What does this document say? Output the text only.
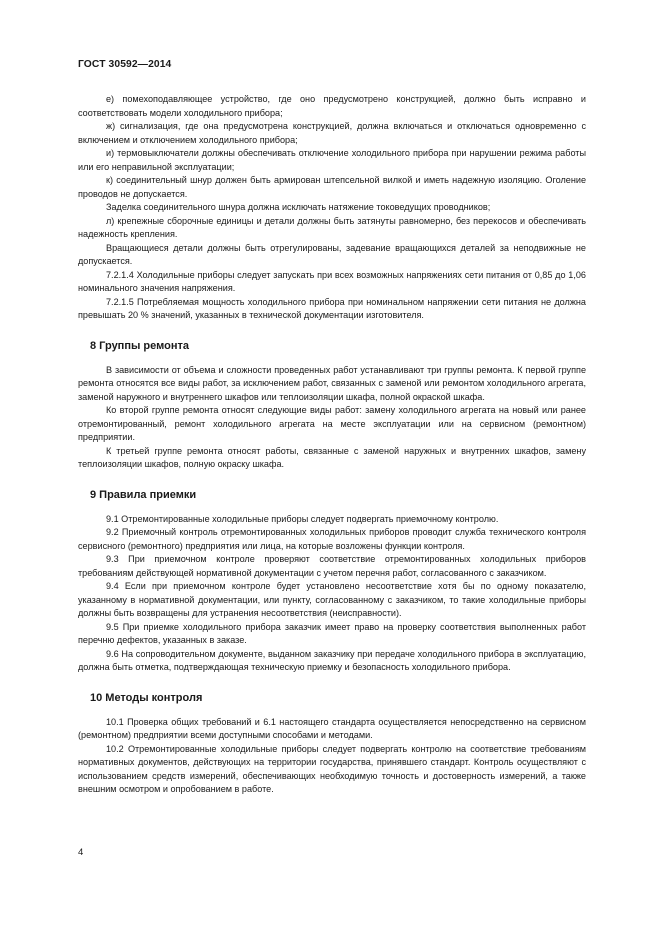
ГОСТ 30592—2014

е) помехоподавляющее устройство, где оно предусмотрено конструкцией, должно быть исправно и соответствовать модели холодильного прибора;

ж) сигнализация, где она предусмотрена конструкцией, должна включаться и отключаться одновременно с включением и отключением холодильного прибора;

и) термовыключатели должны обеспечивать отключение холодильного прибора при нарушении режима работы или его неправильной эксплуатации;

к) соединительный шнур должен быть армирован штепсельной вилкой и иметь надежную изоляцию. Оголение проводов не допускается.

Заделка соединительного шнура должна исключать натяжение токоведущих проводников;

л) крепежные сборочные единицы и детали должны быть затянуты равномерно, без перекосов и обеспечивать надежность крепления.

Вращающиеся детали должны быть отрегулированы, задевание вращающихся деталей за неподвижные не допускается.

7.2.1.4 Холодильные приборы следует запускать при всех возможных напряжениях сети питания от 0,85 до 1,06 номинального значения напряжения.

7.2.1.5 Потребляемая мощность холодильного прибора при номинальном напряжении сети питания не должна превышать 20 % значений, указанных в технической документации изготовителя.

8 Группы ремонта

В зависимости от объема и сложности проведенных работ устанавливают три группы ремонта. К первой группе ремонта относятся все виды работ, за исключением работ, связанных с заменой или ремонтом холодильного агрегата, заменой наружного и внутреннего шкафов или теплоизоляции шкафа, полной окраской шкафа.

Ко второй группе ремонта относят следующие виды работ: замену холодильного агрегата на новый или ранее отремонтированный, ремонт холодильного агрегата на месте эксплуатации или на сервисном (ремонтном) предприятии.

К третьей группе ремонта относят работы, связанные с заменой наружных и внутренних шкафов, замену теплоизоляции шкафов, полную окраску шкафа.

9 Правила приемки

9.1 Отремонтированные холодильные приборы следует подвергать приемочному контролю.

9.2 Приемочный контроль отремонтированных холодильных приборов проводит служба технического контроля сервисного (ремонтного) предприятия или лица, на которые возложены функции контроля.

9.3 При приемочном контроле проверяют соответствие отремонтированных холодильных приборов требованиям действующей нормативной документации с учетом перечня работ, согласованного с заказчиком.

9.4 Если при приемочном контроле будет установлено несоответствие хотя бы по одному показателю, указанному в нормативной документации, или пункту, согласованному с заказчиком, то такие холодильные приборы должны быть возвращены для устранения несоответствия (неисправности).

9.5 При приемке холодильного прибора заказчик имеет право на проверку соответствия выполненных работ перечню дефектов, указанных в заказе.

9.6 На сопроводительном документе, выданном заказчику при передаче холодильного прибора в эксплуатацию, должна быть отметка, подтверждающая техническую приемку и безопасность холодильного прибора.

10 Методы контроля

10.1 Проверка общих требований и 6.1 настоящего стандарта осуществляется непосредственно на сервисном (ремонтном) предприятии всеми доступными способами и методами.

10.2 Отремонтированные холодильные приборы следует подвергать контролю на соответствие требованиям нормативных документов, действующих на территории государства, принявшего стандарт. Контроль осуществляют с использованием средств измерений, обеспечивающих необходимую точность и достоверность измерений, а также внешним осмотром и опробованием в работе.

4
